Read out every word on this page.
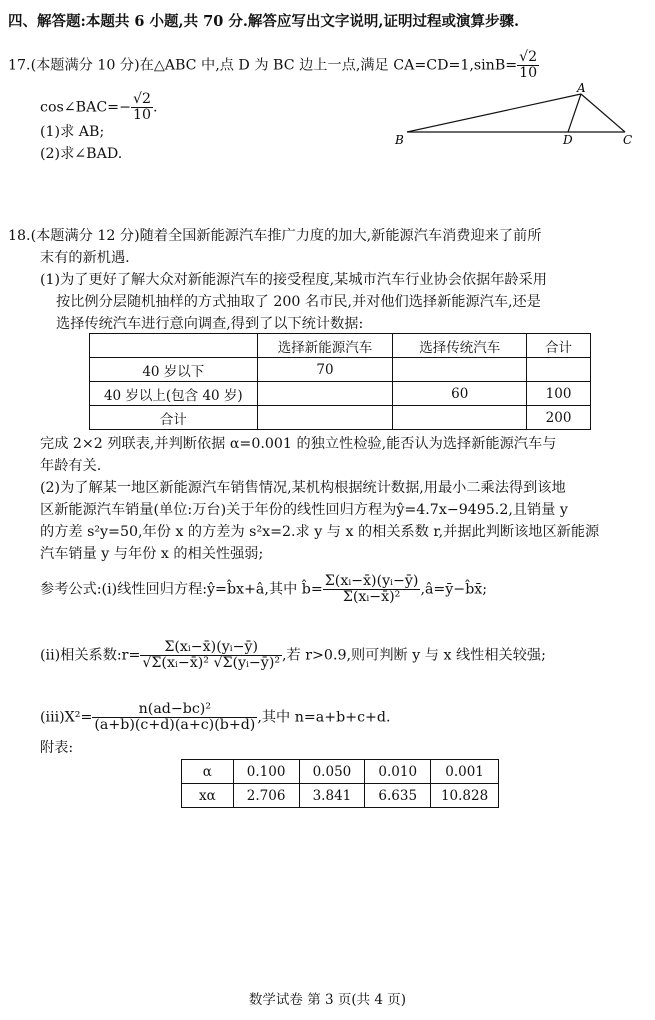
四、解答题:本题共 6 小题,共 70 分.解答应写出文字说明,证明过程或演算步骤.
17.(本题满分 10 分)在△ABC 中,点 D 为 BC 边上一点,满足 $CA=CD=1,\sin B= \frac{√2}{10}$
cos∠BAC=− $\frac{√2}{10}$ .
(1)求 AB;
(2)求∠BAD.
A
B	D	C
18.(本题满分 12 分)随着全国新能源汽车推广力度的加大,新能源汽车消费迎来了前所
末有的新机遇.
(1)为了更好了解大众对新能源汽车的接受程度,某城市汽车行业协会依据年龄采用
按比例分层随机抽样的方式抽取了 200 名市民,并对他们选择新能源汽车,还是
选择传统汽车进行意向调查,得到了以下统计数据:
	选择新能源汽车	选择传统汽车	合计
40 岁以下	70		
40 岁以上(包含 40 岁)		60	100
合计			200
完成 2×2 列联表,并判断依据 α=0.001 的独立性检验,能否认为选择新能源汽车与
年龄有关.
(2)为了解某一地区新能源汽车销售情况,某机构根据统计数据,用最小二乘法得到该地
区新能源汽车销量(单位:万台)关于年份的线性回归方程为ŷ=4.7x−9495.2,且销量 y
的方差 s²y=50,年份 x 的方差为 s²x=2.求 y 与 x 的相关系数 r,并据此判断该地区新能源
汽车销量 y 与年份 x 的相关性强弱;
参考公式:(i)线性回归方程:ŷ=b̂x+â,其中 b̂= $\frac{\text{Σ(xᵢ−x̄)(yᵢ−ȳ)}}{\text{Σ(xᵢ−x̄)²}}$ ,â=ȳ−b̂x̄;
(ii)相关系数:r= $\frac{\text{Σ(xᵢ−x̄)(yᵢ−ȳ)}}{\text{√Σ(xᵢ−x̄)² √Σ(yᵢ−ȳ)²}}$ ,若 r>0.9,则可判断 y 与 x 线性相关较强;
$(iii)X^2= \frac{\text{n(ad−bc)²}}{(a+b)(c+d)(a+c)(b+d)}$ ,其中 n=a+b+c+d.
附表:
α	0.100	0.050	0.010	0.001
xα	2.706	3.841	6.635	10.828
数学试卷 第 3 页(共 4 页)
